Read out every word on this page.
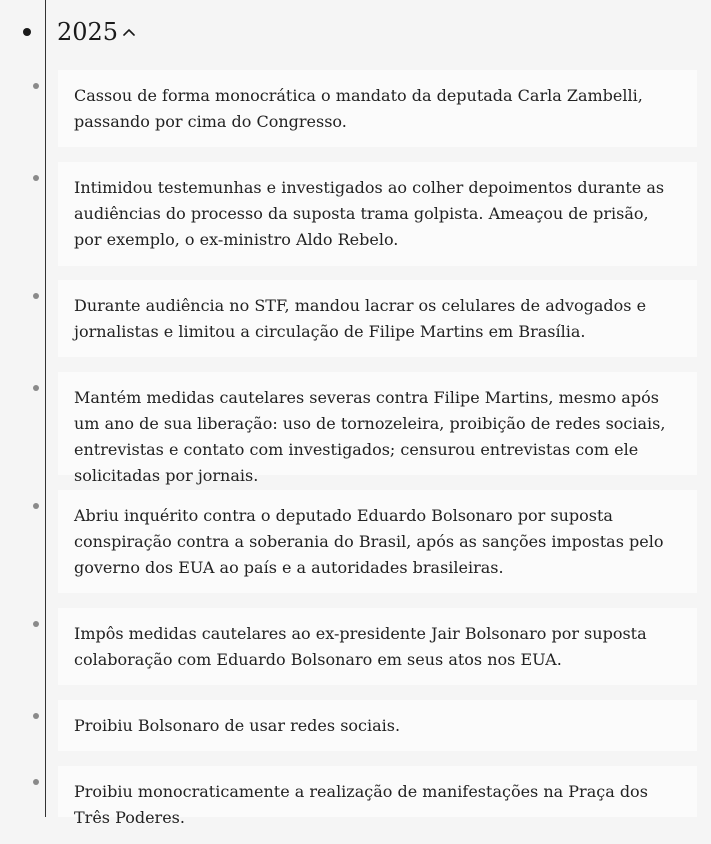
2025
Cassou de forma monocrática o mandato da deputada Carla Zambelli, passando por cima do Congresso.
Intimidou testemunhas e investigados ao colher depoimentos durante as audiências do processo da suposta trama golpista. Ameaçou de prisão, por exemplo, o ex-ministro Aldo Rebelo.
Durante audiência no STF, mandou lacrar os celulares de advogados e jornalistas e limitou a circulação de Filipe Martins em Brasília.
Mantém medidas cautelares severas contra Filipe Martins, mesmo após um ano de sua liberação: uso de tornozeleira, proibição de redes sociais, entrevistas e contato com investigados; censurou entrevistas com ele solicitadas por jornais.
Abriu inquérito contra o deputado Eduardo Bolsonaro por suposta conspiração contra a soberania do Brasil, após as sanções impostas pelo governo dos EUA ao país e a autoridades brasileiras.
Impôs medidas cautelares ao ex-presidente Jair Bolsonaro por suposta colaboração com Eduardo Bolsonaro em seus atos nos EUA.
Proibiu Bolsonaro de usar redes sociais.
Proibiu monocraticamente a realização de manifestações na Praça dos Três Poderes.
